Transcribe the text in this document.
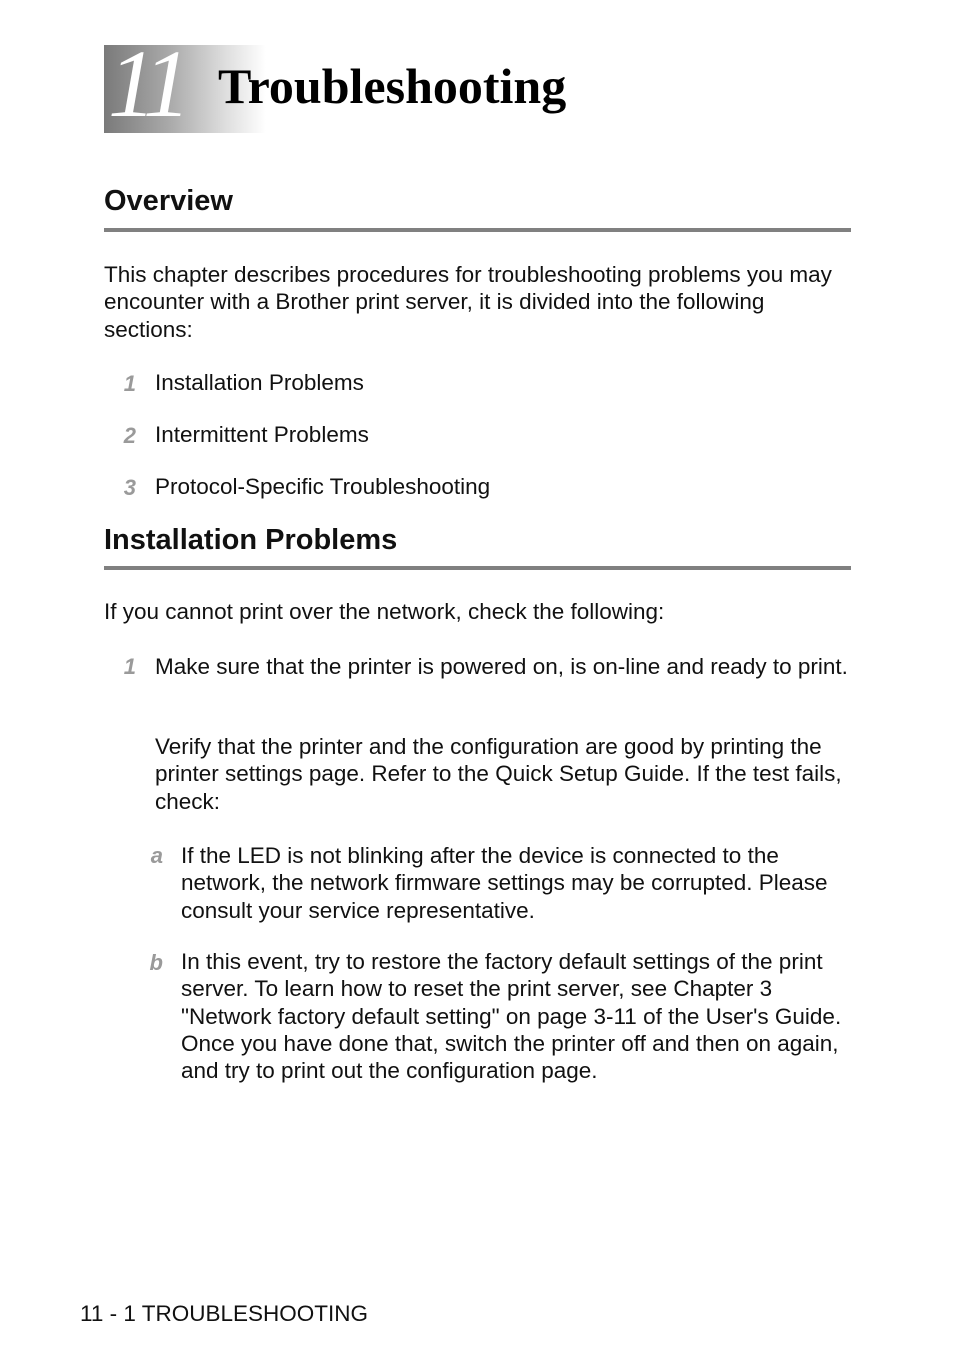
11 Troubleshooting
Overview

This chapter describes procedures for troubleshooting problems you may encounter with a Brother print server, it is divided into the following sections:

1 Installation Problems

2 Intermittent Problems

3 Protocol-Specific Troubleshooting

Installation Problems

If you cannot print over the network, check the following:

1 Make sure that the printer is powered on, is on-line and ready to print.

Verify that the printer and the configuration are good by printing the printer settings page. Refer to the Quick Setup Guide. If the test fails, check:

a If the LED is not blinking after the device is connected to the network, the network firmware settings may be corrupted. Please consult your service representative.

b In this event, try to restore the factory default settings of the print server. To learn how to reset the print server, see Chapter 3 "Network factory default setting" on page 3-11 of the User's Guide. Once you have done that, switch the printer off and then on again, and try to print out the configuration page.

11 - 1 TROUBLESHOOTING
